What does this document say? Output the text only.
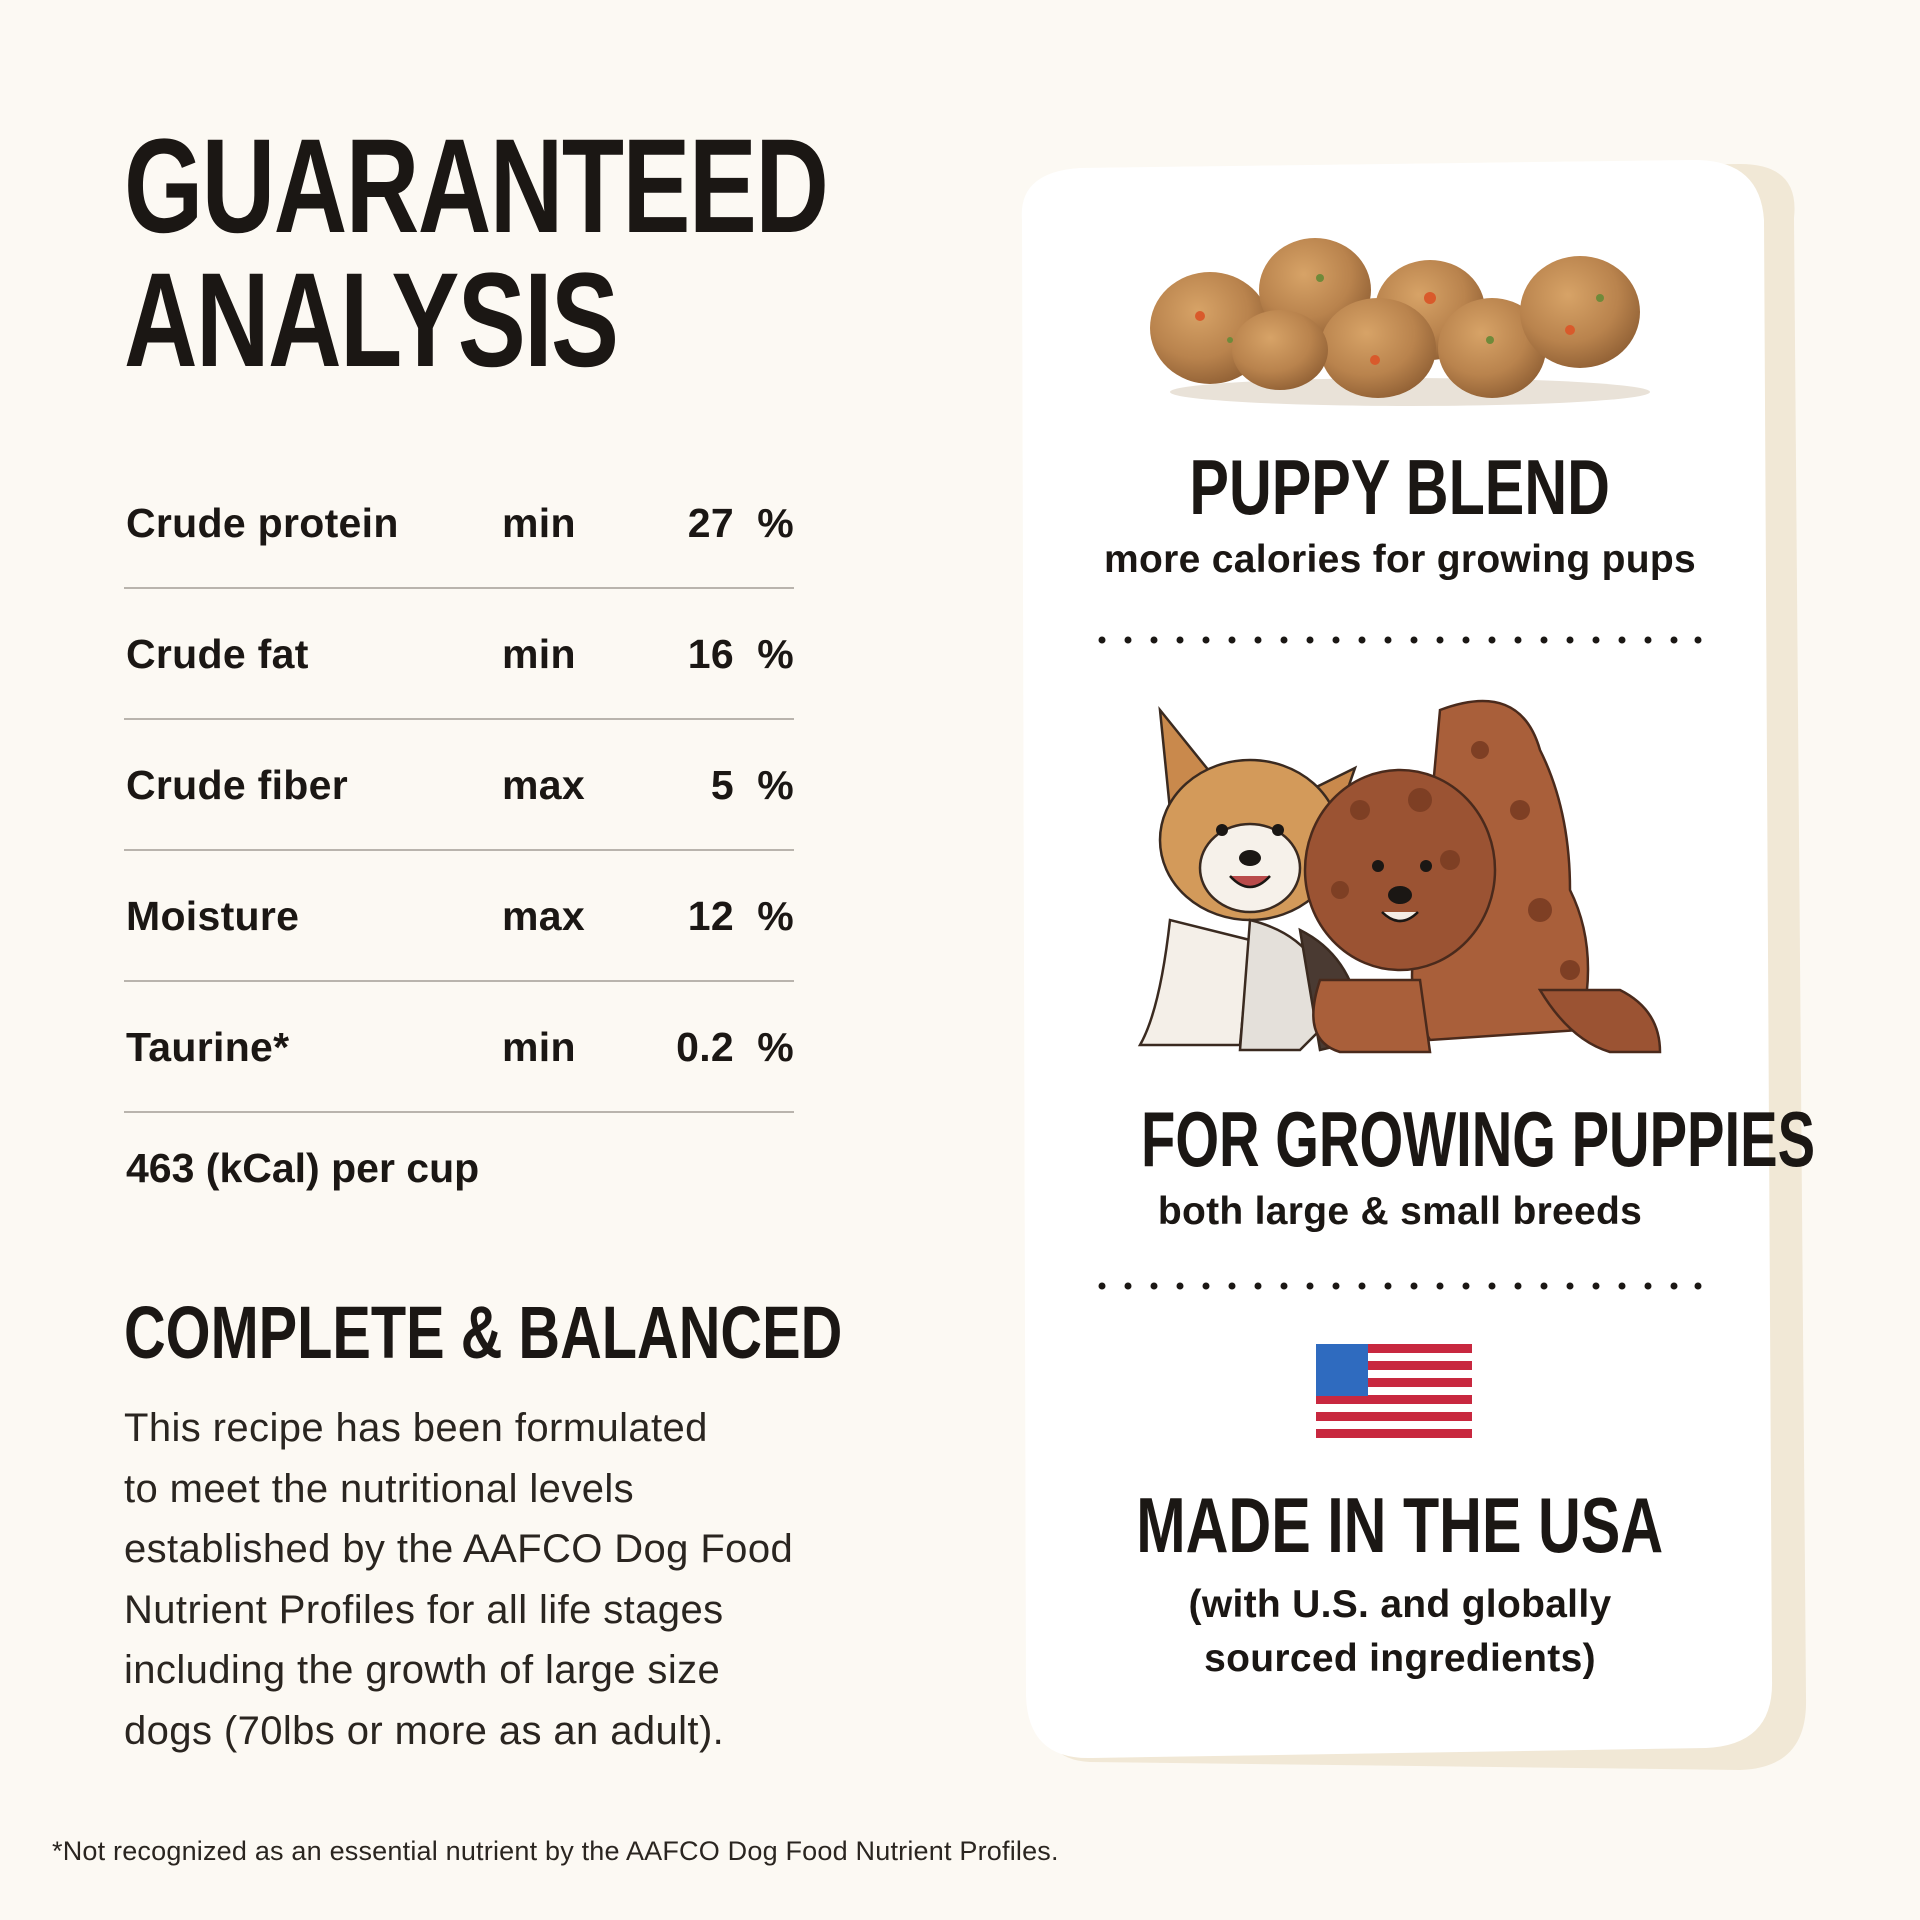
GUARANTEED
ANALYSIS
Crude protein	min	27 %
Crude fat	min	16 %
Crude fiber	max	5 %
Moisture	max	12 %
Taurine*	min 0.2 %
463 (kCal) per cup
COMPLETE & BALANCED
This recipe has been formulated
to meet the nutritional levels
established by the AAFCO Dog Food
Nutrient Profiles for all life stages
including the growth of large size
dogs (70lbs or more as an adult).
*Not recognized as an essential nutrient by the AAFCO Dog Food Nutrient Profiles.
PUPPY BLEND
more calories for growing pups
FOR GROWING PUPPIES
both large & small breeds
MADE IN THE USA
(with U.S. and globally
sourced ingredients)
